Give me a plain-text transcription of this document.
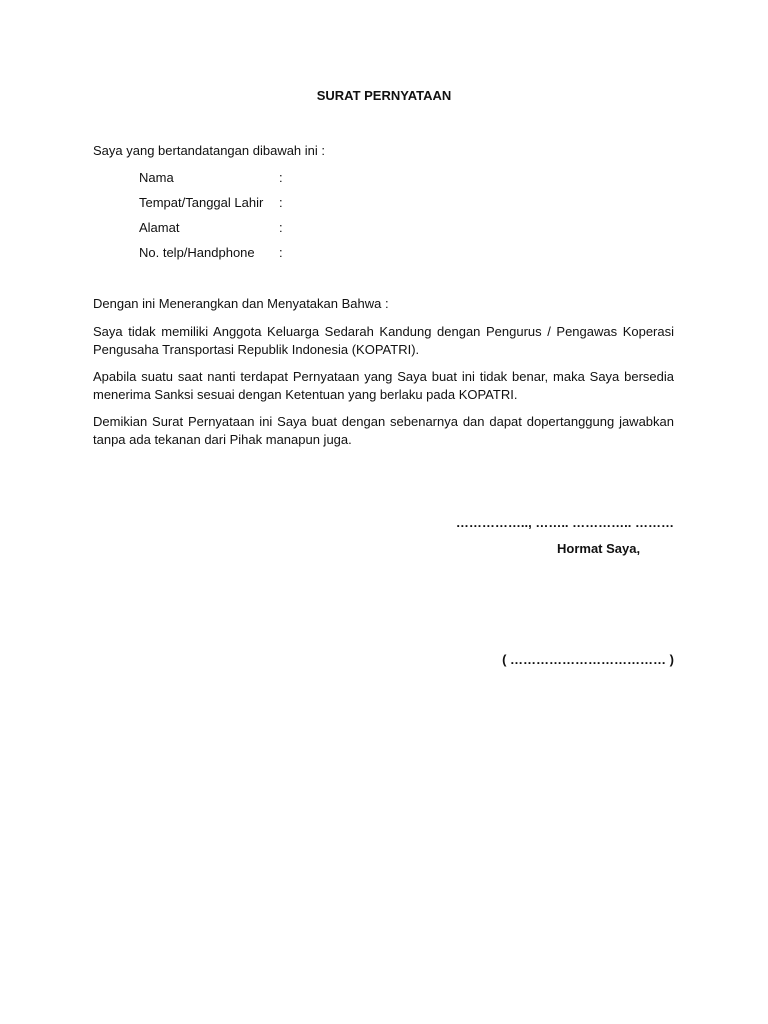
SURAT PERNYATAAN
Saya yang bertandatangan dibawah ini :
Nama	:
Tempat/Tanggal Lahir :
Alamat	:
No. telp/Handphone :
Dengan ini Menerangkan dan Menyatakan Bahwa :
Saya tidak memiliki Anggota Keluarga Sedarah Kandung dengan Pengurus / Pengawas Koperasi
Pengusaha Transportasi Republik Indonesia (KOPATRI).
Apabila suatu saat nanti terdapat Pernyataan yang Saya buat ini tidak benar, maka Saya bersedia
menerima Sanksi sesuai dengan Ketentuan yang berlaku pada KOPATRI.
Demikian Surat Pernyataan ini Saya buat dengan sebenarnya dan dapat dopertanggung jawabkan
tanpa ada tekanan dari Pihak manapun juga.
…………….., …….. ………….. ………
Hormat Saya,
( ……………………………… )
